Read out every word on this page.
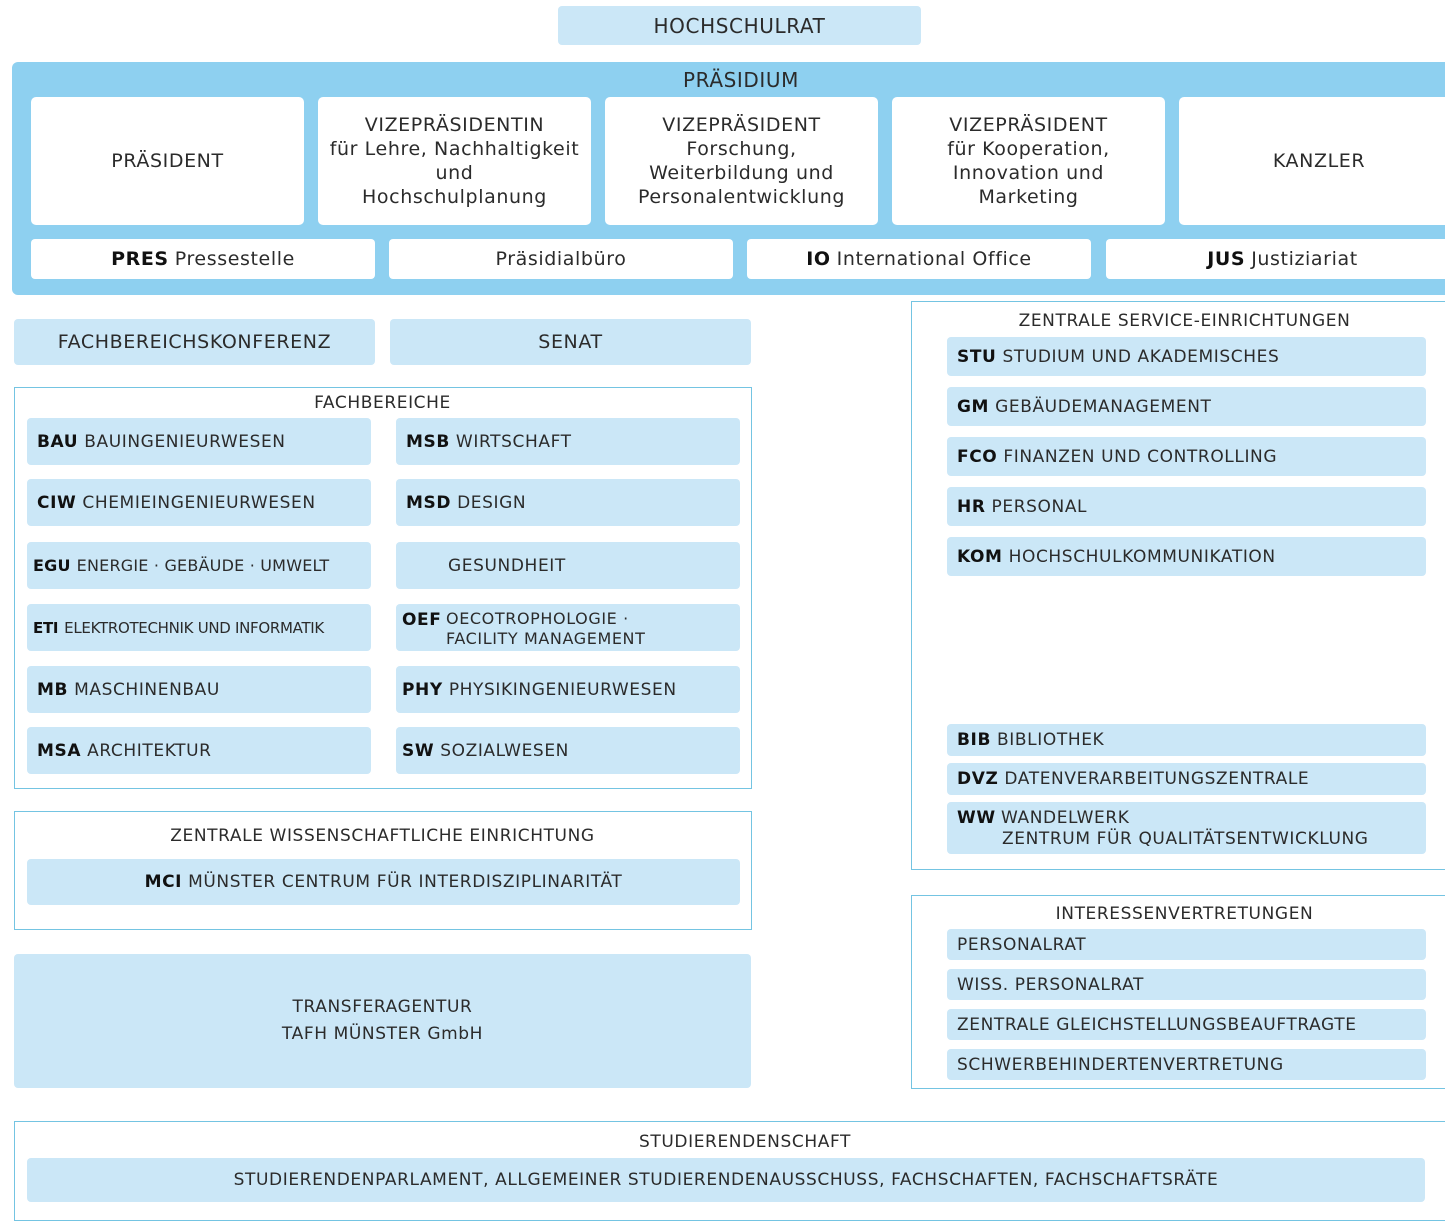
HOCHSCHULRAT
PRÄSIDIUM
PRÄSIDENT
VIZEPRÄSIDENTIN
für Lehre, Nachhaltigkeit
und
Hochschulplanung
VIZEPRÄSIDENT
Forschung,
Weiterbildung und
Personalentwicklung
VIZEPRÄSIDENT
für Kooperation,
Innovation und
Marketing
KANZLER
PRES Pressestelle	Präsidialbüro	IO International Office	JUS Justiziariat
FACHBEREICHSKONFERENZ	SENAT
FACHBEREICHE
BAU BAUINGENIEURWESEN
CIW CHEMIEINGENIEURWESEN
EGU ENERGIE · GEBÄUDE · UMWELT
ETI ELEKTROTECHNIK UND INFORMATIK
MB MASCHINENBAU
MSA ARCHITEKTUR
MSB WIRTSCHAFT
MSD DESIGN
GESUNDHEIT
OEF OECOTROPHOLOGIE ·
FACILITY MANAGEMENT
PHY PHYSIKINGENIEURWESEN
SW SOZIALWESEN
ZENTRALE WISSENSCHAFTLICHE EINRICHTUNG
MCI MÜNSTER CENTRUM FÜR INTERDISZIPLINARITÄT
TRANSFERAGENTUR
TAFH MÜNSTER GmbH
ZENTRALE SERVICE-EINRICHTUNGEN
STU STUDIUM UND AKADEMISCHES
GM GEBÄUDEMANAGEMENT
FCO FINANZEN UND CONTROLLING
HR PERSONAL
KOM HOCHSCHULKOMMUNIKATION
BIB BIBLIOTHEK
DVZ DATENVERARBEITUNGSZENTRALE
WW WANDELWERK
ZENTRUM FÜR QUALITÄTSENTWICKLUNG
INTERESSENVERTRETUNGEN
PERSONALRAT
WISS. PERSONALRAT
ZENTRALE GLEICHSTELLUNGSBEAUFTRAGTE
SCHWERBEHINDERTENVERTRETUNG
STUDIERENDENSCHAFT
STUDIERENDENPARLAMENT, ALLGEMEINER STUDIERENDENAUSSCHUSS, FACHSCHAFTEN, FACHSCHAFTSRÄTE
